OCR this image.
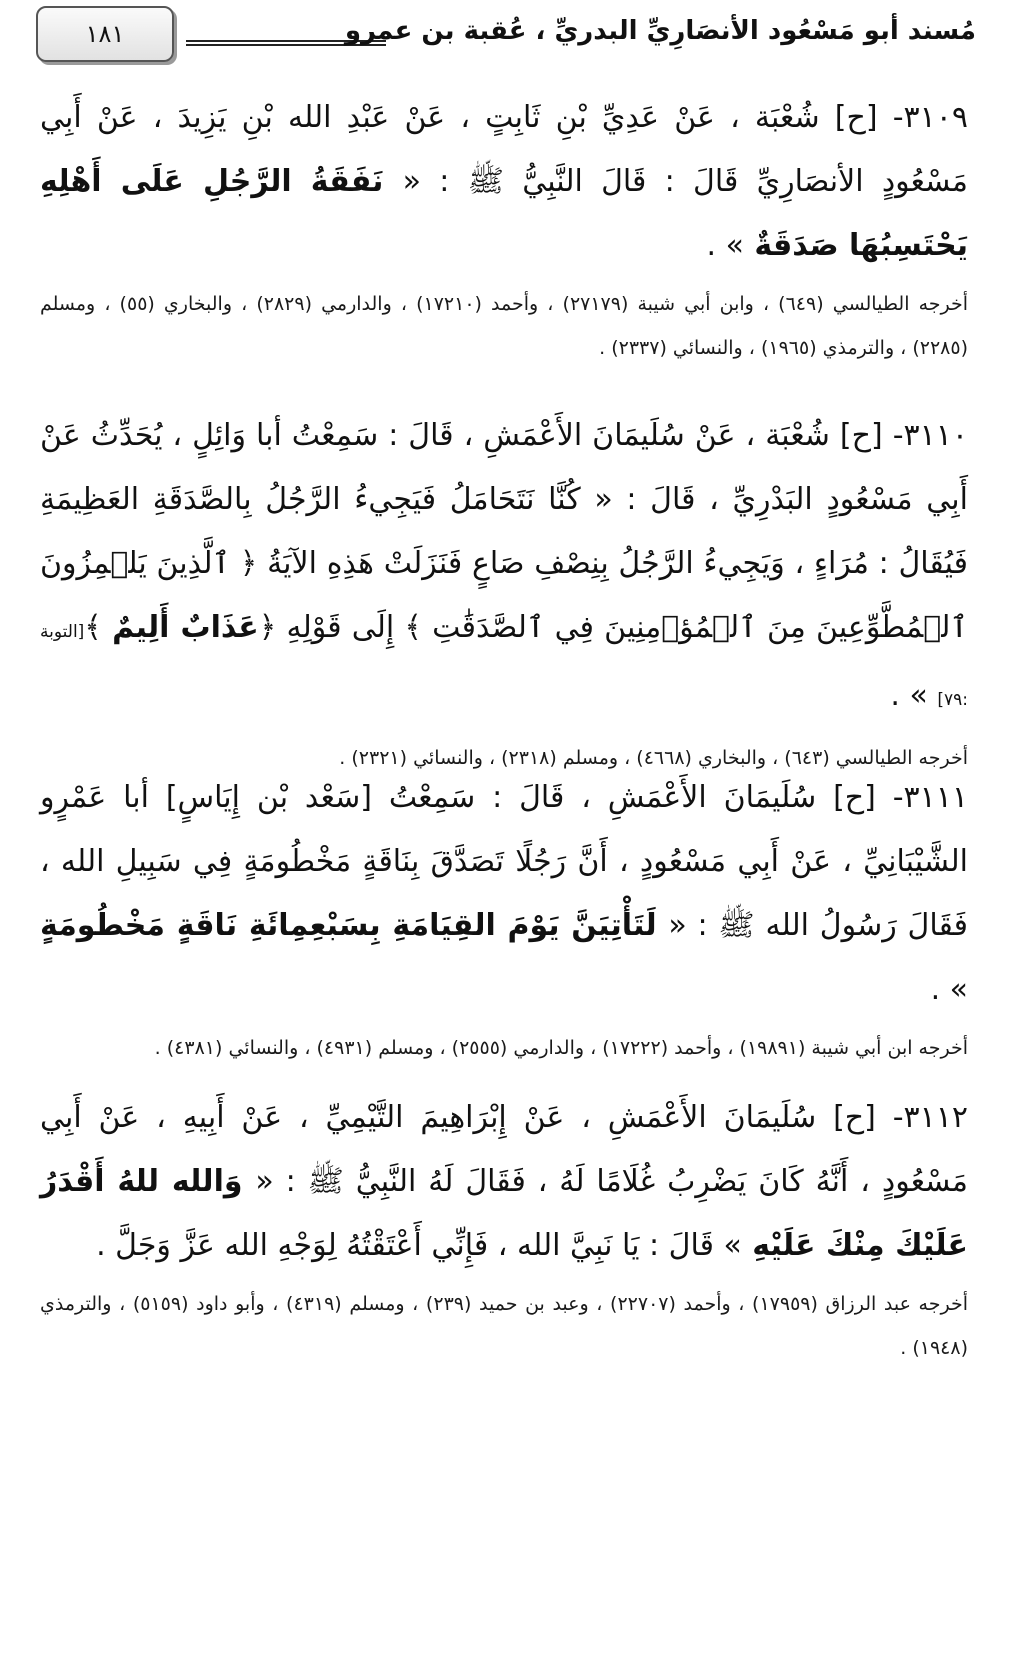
١٨١	مُسند أبو مَسْعُود الأنصَارِيِّ البدريِّ ، عُقبة بن عمرو

٣١٠٩- [ح] شُعْبَة ، عَنْ عَدِيِّ بْنِ ثَابِتٍ ، عَنْ عَبْدِ الله بْنِ يَزِيدَ ، عَنْ أَبِي مَسْعُودٍ الأنصَارِيِّ قَالَ : قَالَ النَّبِيُّ ﷺ : « نَفَقَةُ الرَّجُلِ عَلَى أَهْلِهِ يَحْتَسِبُهَا صَدَقَةٌ » .

أخرجه الطيالسي (٦٤٩) ، وابن أبي شيبة (٢٧١٧٩) ، وأحمد (١٧٢١٠) ، والدارمي (٢٨٢٩) ، والبخاري (٥٥) ، ومسلم (٢٢٨٥) ، والترمذي (١٩٦٥) ، والنسائي (٢٣٣٧) .

٣١١٠- [ح] شُعْبَة ، عَنْ سُلَيمَانَ الأَعْمَشِ ، قَالَ : سَمِعْتُ أبا وَائِلٍ ، يُحَدِّثُ عَنْ أَبِي مَسْعُودٍ البَدْرِيِّ ، قَالَ : « كُنَّا نَتَحَامَلُ فَيَجِيءُ الرَّجُلُ بِالصَّدَقَةِ العَظِيمَةِ فَيُقَالُ : مُرَاءٍ ، وَيَجِيءُ الرَّجُلُ بِنِصْفِ صَاعٍ فَنَزَلَتْ هَذِهِ الآيَةُ ﴿ ٱلَّذِينَ يَلۡمِزُونَ ٱلۡمُطَّوِّعِينَ مِنَ ٱلۡمُؤۡمِنِينَ فِي ٱلصَّدَقَٰتِ ﴾ إِلَى قَوْلِهِ ﴿عَذَابٌ أَلِيمٌ ﴾[التوبة :٧٩] » .

أخرجه الطيالسي (٦٤٣) ، والبخاري (٤٦٦٨) ، ومسلم (٢٣١٨) ، والنسائي (٢٣٢١) .

٣١١١- [ح] سُلَيمَانَ الأَعْمَشِ ، قَالَ : سَمِعْتُ [سَعْد بْن إِيَاسٍ] أبا عَمْرٍو الشَّيْبَانِيِّ ، عَنْ أَبِي مَسْعُودٍ ، أَنَّ رَجُلًا تَصَدَّقَ بِنَاقَةٍ مَخْطُومَةٍ فِي سَبِيلِ الله ، فَقَالَ رَسُولُ الله ﷺ : « لَتَأْتِيَنَّ يَوْمَ القِيَامَةِ بِسَبْعِمِائَةِ نَاقَةٍ مَخْطُومَةٍ » .

أخرجه ابن أبي شيبة (١٩٨٩١) ، وأحمد (١٧٢٢٢) ، والدارمي (٢٥٥٥) ، ومسلم (٤٩٣١) ، والنسائي (٤٣٨١) .

٣١١٢- [ح] سُلَيمَانَ الأَعْمَشِ ، عَنْ إِبْرَاهِيمَ التَّيْمِيِّ ، عَنْ أَبِيهِ ، عَنْ أَبِي مَسْعُودٍ ، أَنَّهُ كَانَ يَضْرِبُ غُلَامًا لَهُ ، فَقَالَ لَهُ النَّبِيُّ ﷺ : « وَالله للهُ أَقْدَرُ عَلَيْكَ مِنْكَ عَلَيْهِ » قَالَ : يَا نَبِيَّ الله ، فَإِنِّي أَعْتَقْتُهُ لِوَجْهِ الله عَزَّ وَجَلَّ .

أخرجه عبد الرزاق (١٧٩٥٩) ، وأحمد (٢٢٧٠٧) ، وعبد بن حميد (٢٣٩) ، ومسلم (٤٣١٩) ، وأبو داود (٥١٥٩) ، والترمذي (١٩٤٨) .
